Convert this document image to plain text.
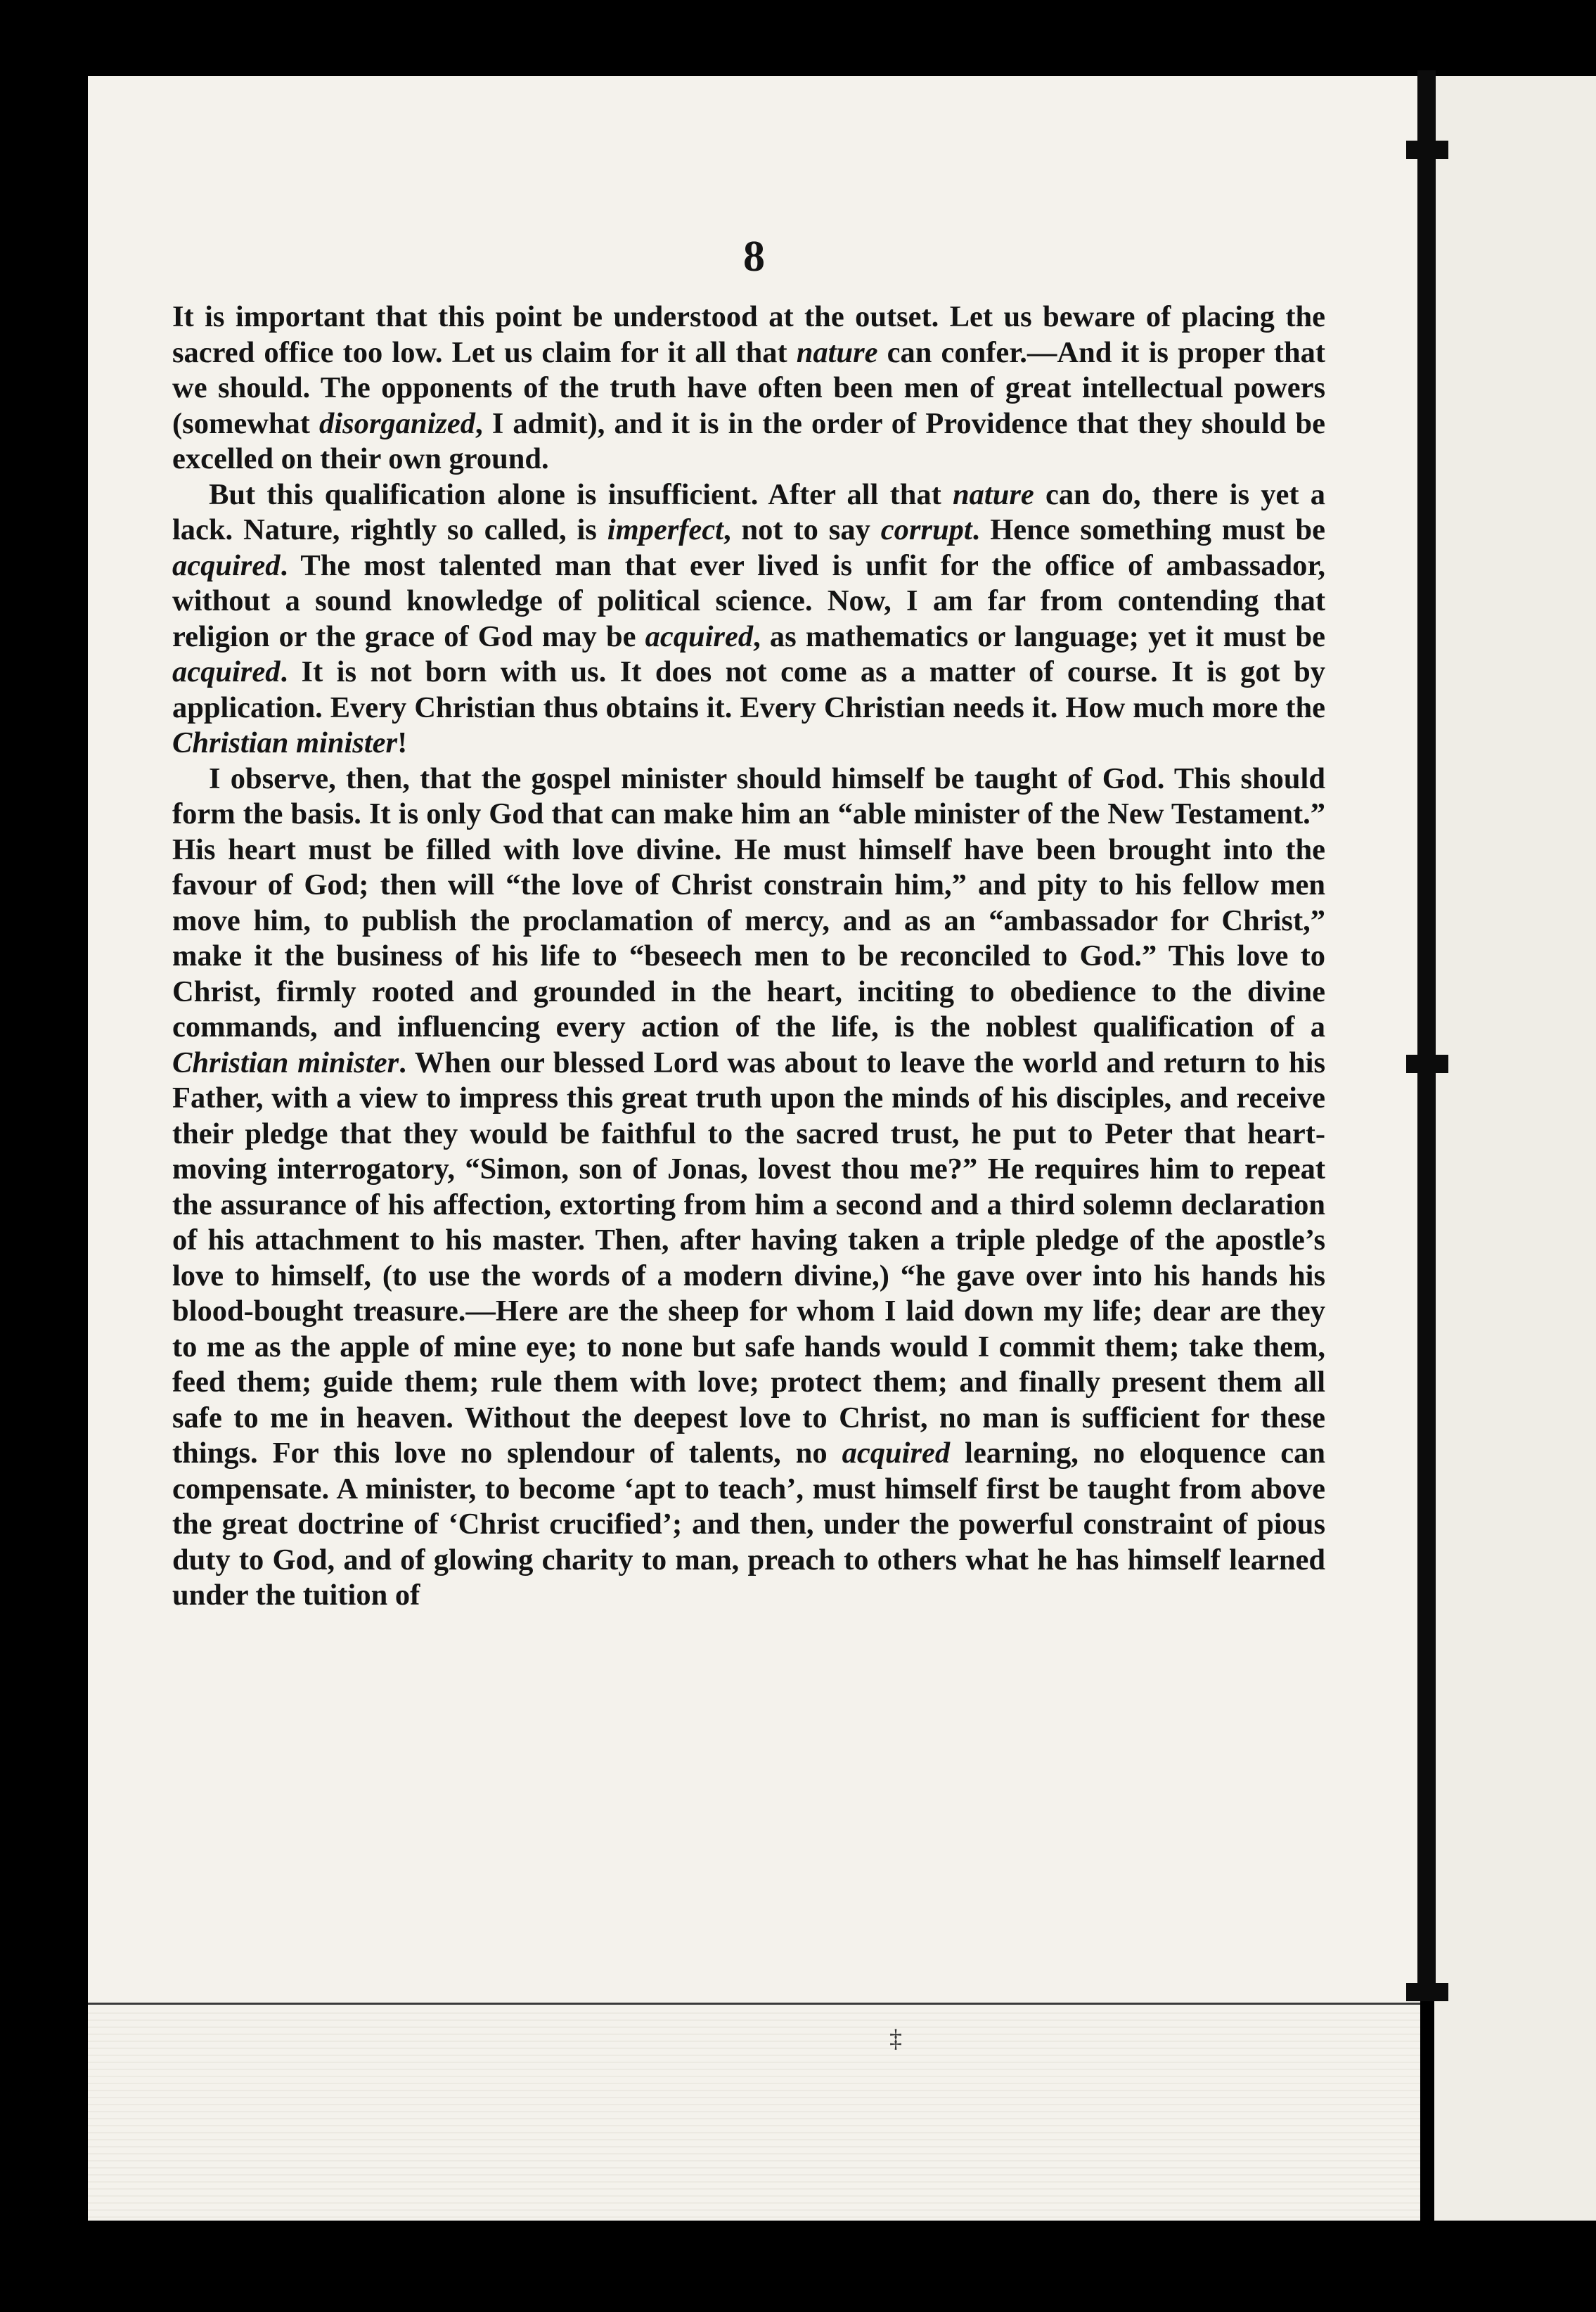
8

It is important that this point be understood at the outset. Let us beware of placing the sacred office too low. Let us claim for it all that nature can confer.—And it is proper that we should. The opponents of the truth have often been men of great intellectual powers (somewhat disorganized, I admit), and it is in the order of Providence that they should be excelled on their own ground.

But this qualification alone is insufficient. After all that nature can do, there is yet a lack. Nature, rightly so called, is imperfect, not to say corrupt. Hence something must be acquired. The most talented man that ever lived is unfit for the office of ambassador, without a sound knowledge of political science. Now, I am far from contending that religion or the grace of God may be acquired, as mathematics or language; yet it must be acquired. It is not born with us. It does not come as a matter of course. It is got by application. Every Christian thus obtains it. Every Christian needs it. How much more the Christian minister!

I observe, then, that the gospel minister should himself be taught of God. This should form the basis. It is only God that can make him an “able minister of the New Testament.” His heart must be filled with love divine. He must himself have been brought into the favour of God; then will “the love of Christ constrain him,” and pity to his fellow men move him, to publish the proclamation of mercy, and as an “ambassador for Christ,” make it the business of his life to “beseech men to be reconciled to God.” This love to Christ, firmly rooted and grounded in the heart, inciting to obedience to the divine commands, and influencing every action of the life, is the noblest qualification of a Christian minister. When our blessed Lord was about to leave the world and return to his Father, with a view to impress this great truth upon the minds of his disciples, and receive their pledge that they would be faithful to the sacred trust, he put to Peter that heart-moving interrogatory, “Simon, son of Jonas, lovest thou me?” He requires him to repeat the assurance of his affection, extorting from him a second and a third solemn declaration of his attachment to his master. Then, after having taken a triple pledge of the apostle’s love to himself, (to use the words of a modern divine,) “he gave over into his hands his blood-bought treasure.—Here are the sheep for whom I laid down my life; dear are they to me as the apple of mine eye; to none but safe hands would I commit them; take them, feed them; guide them; rule them with love; protect them; and finally present them all safe to me in heaven. Without the deepest love to Christ, no man is sufficient for these things. For this love no splendour of talents, no acquired learning, no eloquence can compensate. A minister, to become ‘apt to teach’, must himself first be taught from above the great doctrine of ‘Christ crucified’; and then, under the powerful constraint of pious duty to God, and of glowing charity to man, preach to others what he has himself learned under the tuition of

‡
